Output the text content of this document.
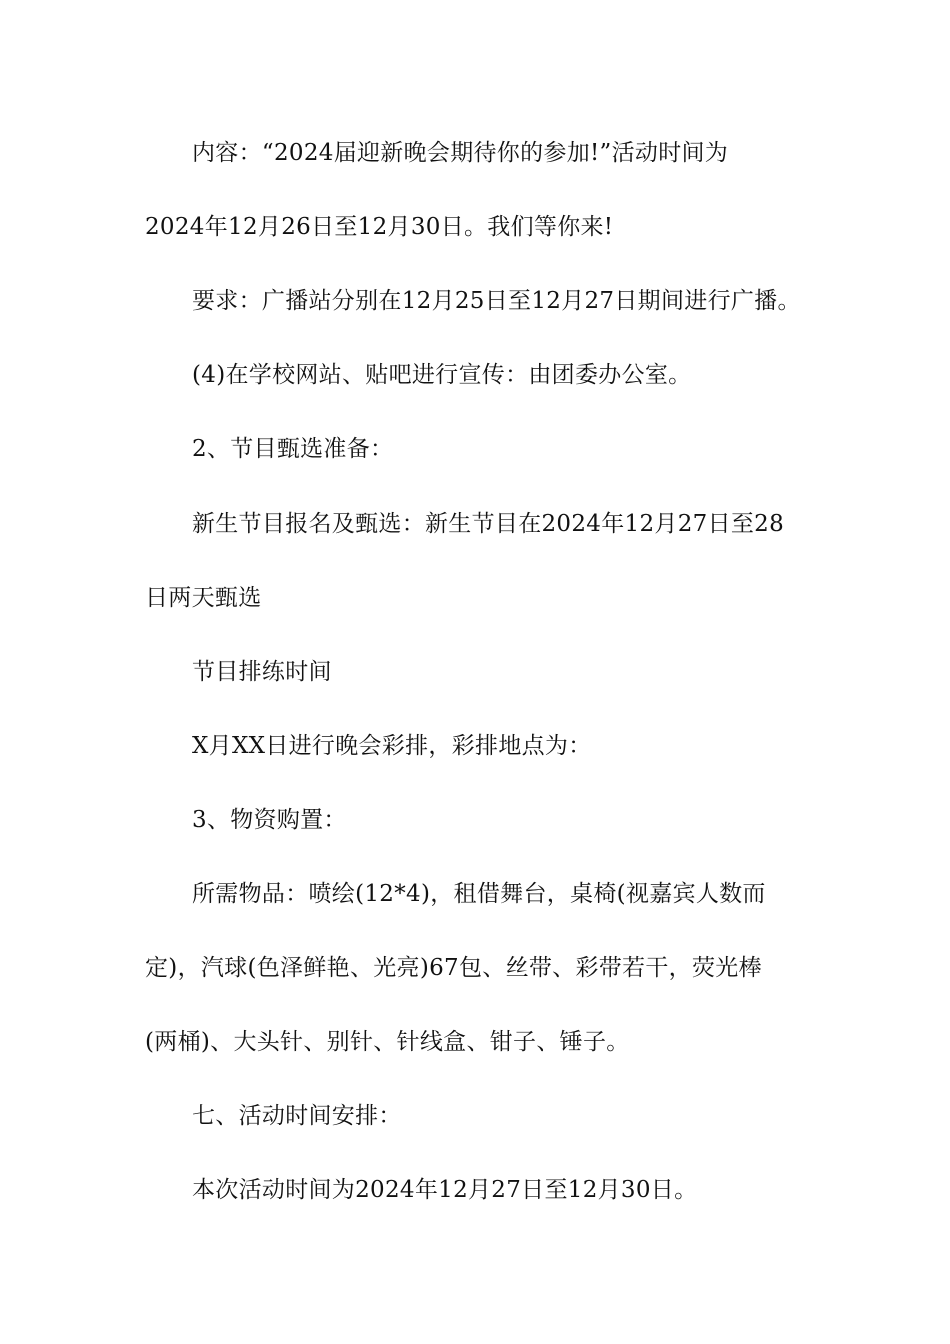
内容：“2024届迎新晚会期待你的参加!”活动时间为
2024年12月26日至12月30日。我们等你来!
要求：广播站分别在12月25日至12月27日期间进行广播。
(4)在学校网站、贴吧进行宣传：由团委办公室。
2、节目甄选准备：
新生节目报名及甄选：新生节目在2024年12月27日至28
日两天甄选
节目排练时间
X月XX日进行晚会彩排，彩排地点为：
3、物资购置：
所需物品：喷绘(12*4)，租借舞台，桌椅(视嘉宾人数而
定)，汽球(色泽鲜艳、光亮)67包、丝带、彩带若干，荧光棒
(两桶)、大头针、别针、针线盒、钳子、锤子。
七、活动时间安排：
本次活动时间为2024年12月27日至12月30日。
